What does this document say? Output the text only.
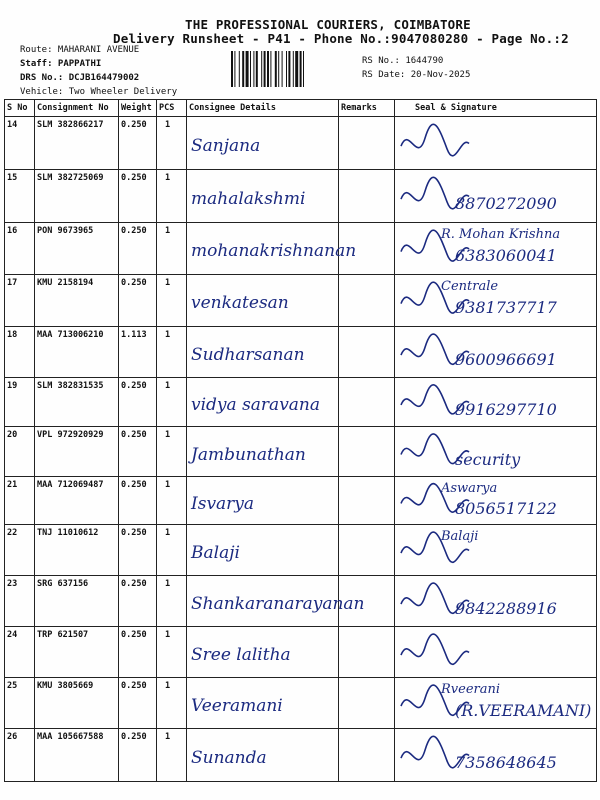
THE PROFESSIONAL COURIERS, COIMBATORE
Delivery Runsheet - P41 - Phone No.:9047080280 - Page No.:2
Route: MAHARANI AVENUE
Staff: PAPPATHI
DRS No.: DCJB164479002
Vehicle: Two Wheeler Delivery
RS No.: 1644790
RS Date: 20-Nov-2025
S No	Consignment No	Weight	PCS	Consignee Details	Remarks	Seal & Signature
14	SLM 382866217	0.250	1	Sanjana

15	SLM 382725069	0.250	1	mahalakshmi		8870272090

16	PON 9673965	0.250	1	mohanakrishnanan		R. Mohan Krishna
6383060041

17	KMU 2158194	0.250	1	venkatesan		Centrale
9381737717

18	MAA 713006210	1.113	1	Sudharsanan		9600966691

19	SLM 382831535	0.250	1	vidya saravana		9916297710

20	VPL 972920929	0.250	1	Jambunathan		security

21	MAA 712069487	0.250	1	Isvarya		Aswarya
8056517122

22	TNJ 11010612	0.250	1	Balaji		Balaji

23	SRG 637156	0.250	1	Shankaranarayanan		9842288916

24	TRP 621507	0.250	1	Sree lalitha

25	KMU 3805669	0.250	1	Veeramani		Rveerani
(R.VEERAMANI)

26	MAA 105667588	0.250	1	Sunanda		7358648645
